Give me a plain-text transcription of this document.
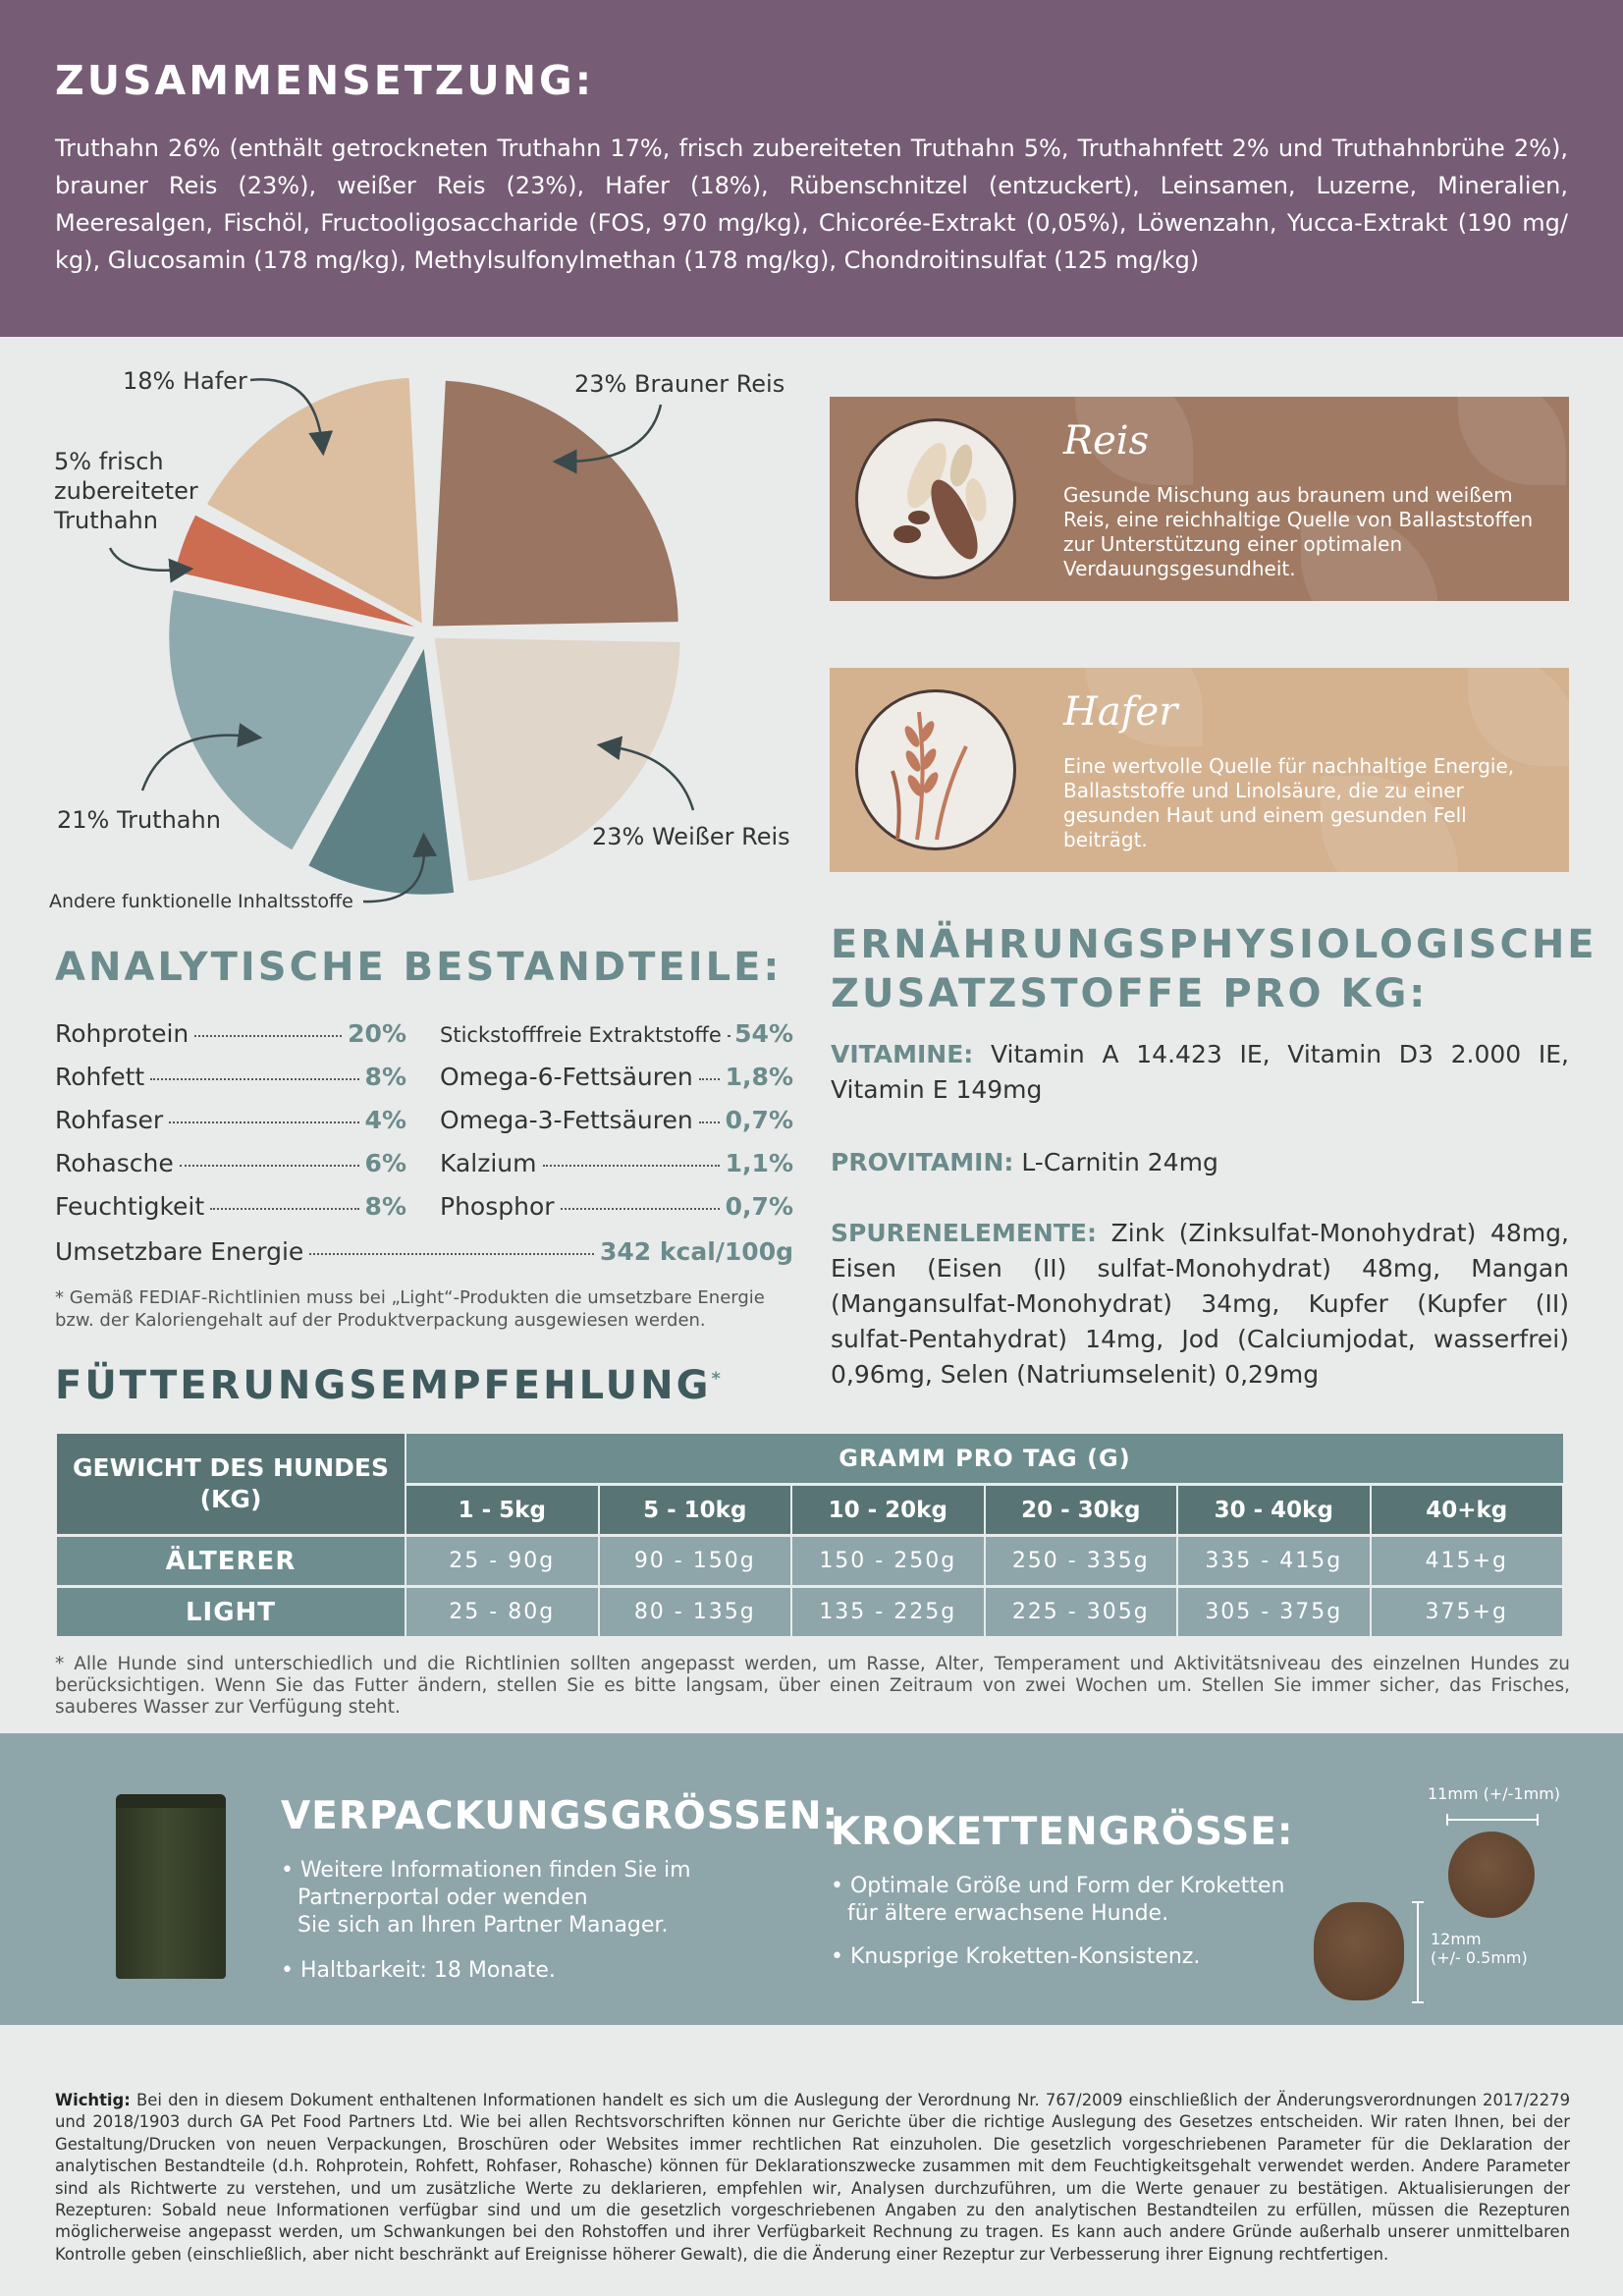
ZUSAMMENSETZUNG:

Truthahn 26% (enthält getrockneten Truthahn 17%, frisch zubereiteten Truthahn 5%, Truthahnfett 2% und Truthahnbrühe 2%), brauner Reis (23%), weißer Reis (23%), Hafer (18%), Rübenschnitzel (entzuckert), Leinsamen, Luzerne, Mineralien, Meeresalgen, Fischöl, Fructooligosaccharide (FOS, 970 mg/kg), Chicorée-Extrakt (0,05%), Löwenzahn, Yucca-Extrakt (190 mg/ kg), Glucosamin (178 mg/kg), Methylsulfonylmethan (178 mg/kg), Chondroitinsulfat (125 mg/kg)

18% Hafer	23% Brauner Reis
5% frisch
zubereiteter
Truthahn
21% Truthahn
23% Weißer Reis
Andere funktionelle Inhaltsstoffe
Reis

Gesunde Mischung aus braunem und weißem Reis, eine reichhaltige Quelle von Ballaststoffen zur Unterstützung einer optimalen Verdauungsgesundheit.

Hafer

Eine wertvolle Quelle für nachhaltige Energie, Ballaststoffe und Linolsäure, die zu einer gesunden Haut und einem gesunden Fell beiträgt.

ANALYTISCHE BESTANDTEILE:
Rohprotein	20%
Rohfett	8%
Rohfaser	4%
Rohasche	6%
Feuchtigkeit	8%
Stickstofffreie Extraktstoffe 54%
Omega-6-Fettsäuren 1,8%
Omega-3-Fettsäuren 0,7%
Kalzium	1,1%
Phosphor	0,7%
Umsetzbare Energie	342 kcal/100g
* Gemäß FEDIAF-Richtlinien muss bei „Light“-Produkten die umsetzbare Energie bzw. der Kaloriengehalt auf der Produktverpackung ausgewiesen werden.
ERNÄHRUNGSPHYSIOLOGISCHE
ZUSATZSTOFFE PRO KG:
VITAMINE: Vitamin A 14.423 IE, Vitamin D3 2.000 IE, Vitamin E 149mg
PROVITAMIN: L-Carnitin 24mg
SPURENELEMENTE: Zink (Zinksulfat-Monohydrat) 48mg, Eisen (Eisen (II) sulfat-Monohydrat) 48mg, Mangan (Mangansulfat-Monohydrat) 34mg, Kupfer (Kupfer (II) sulfat-Pentahydrat) 14mg, Jod (Calciumjodat, wasserfrei) 0,96mg, Selen (Natriumselenit) 0,29mg
FÜTTERUNGSEMPFEHLUNG*
GEWICHT DES HUNDES
(KG)
GRAMM PRO TAG (G)
1 - 5kg	5 - 10kg	10 - 20kg	20 - 30kg	30 - 40kg	40+kg
ÄLTERER	25 - 90g	90 - 150g	150 - 250g	250 - 335g	335 - 415g	415+g
LIGHT	25 - 80g	80 - 135g	135 - 225g	225 - 305g	305 - 375g	375+g
* Alle Hunde sind unterschiedlich und die Richtlinien sollten angepasst werden, um Rasse, Alter, Temperament und Aktivitätsniveau des einzelnen Hundes zu berücksichtigen. Wenn Sie das Futter ändern, stellen Sie es bitte langsam, über einen Zeitraum von zwei Wochen um. Stellen Sie immer sicher, das Frisches, sauberes Wasser zur Verfügung steht.
VERPACKUNGSGRÖSSEN:
• Weitere Informationen finden Sie im
Partnerportal oder wenden
Sie sich an Ihren Partner Manager.
• Haltbarkeit: 18 Monate.
KROKETTENGRÖSSE:
• Optimale Größe und Form der Kroketten
für ältere erwachsene Hunde.
• Knusprige Kroketten-Konsistenz.
11mm (+/-1mm)
12mm
(+/- 0.5mm)
Wichtig: Bei den in diesem Dokument enthaltenen Informationen handelt es sich um die Auslegung der Verordnung Nr. 767/2009 einschließlich der Änderungsverordnungen 2017/2279 und 2018/1903 durch GA Pet Food Partners Ltd. Wie bei allen Rechtsvorschriften können nur Gerichte über die richtige Auslegung des Gesetzes entscheiden. Wir raten Ihnen, bei der Gestaltung/Drucken von neuen Verpackungen, Broschüren oder Websites immer rechtlichen Rat einzuholen. Die gesetzlich vorgeschriebenen Parameter für die Deklaration der analytischen Bestandteile (d.h. Rohprotein, Rohfett, Rohfaser, Rohasche) können für Deklarationszwecke zusammen mit dem Feuchtigkeitsgehalt verwendet werden. Andere Parameter sind als Richtwerte zu verstehen, und um zusätzliche Werte zu deklarieren, empfehlen wir, Analysen durchzuführen, um die Werte genauer zu bestätigen. Aktualisierungen der Rezepturen: Sobald neue Informationen verfügbar sind und um die gesetzlich vorgeschriebenen Angaben zu den analytischen Bestandteilen zu erfüllen, müssen die Rezepturen möglicherweise angepasst werden, um Schwankungen bei den Rohstoffen und ihrer Verfügbarkeit Rechnung zu tragen. Es kann auch andere Gründe außerhalb unserer unmittelbaren Kontrolle geben (einschließlich, aber nicht beschränkt auf Ereignisse höherer Gewalt), die die Änderung einer Rezeptur zur Verbesserung ihrer Eignung rechtfertigen.
